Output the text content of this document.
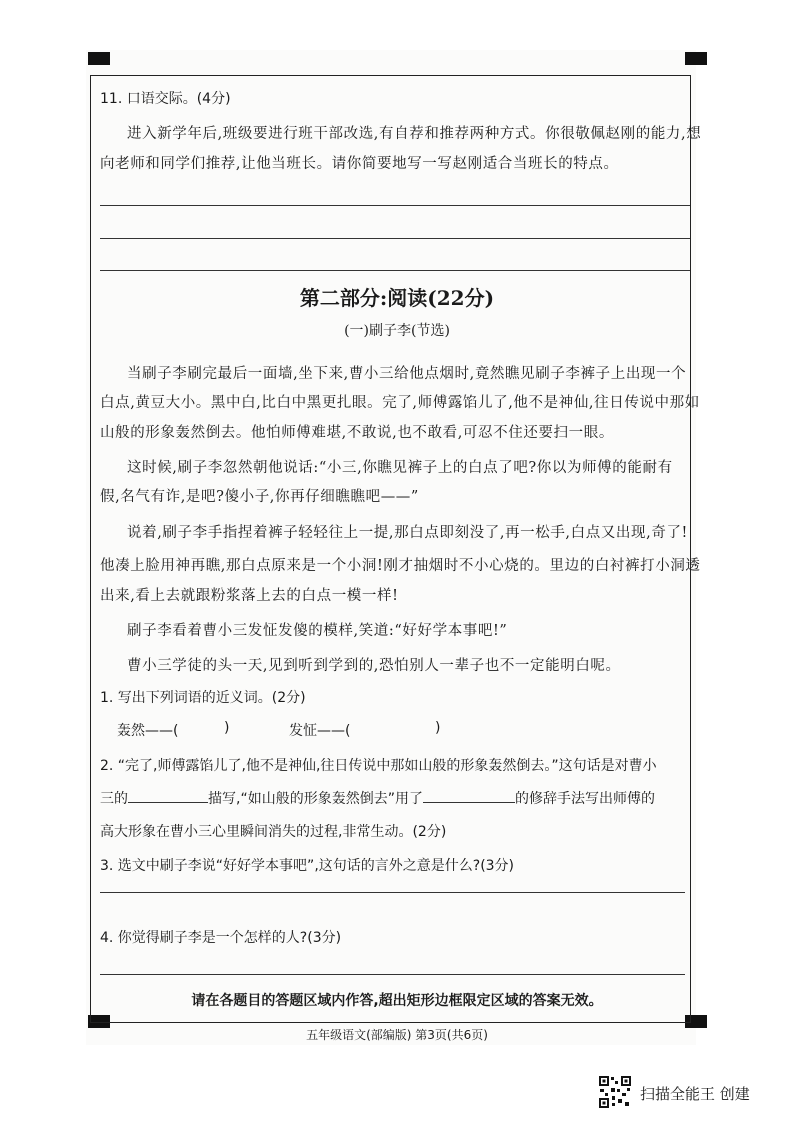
11. 口语交际。(4分)
进入新学年后,班级要进行班干部改选,有自荐和推荐两种方式。你很敬佩赵刚的能力,想
向老师和同学们推荐,让他当班长。请你简要地写一写赵刚适合当班长的特点。
第二部分:阅读(22分)
(一)刷子李(节选)
当刷子李刷完最后一面墙,坐下来,曹小三给他点烟时,竟然瞧见刷子李裤子上出现一个
白点,黄豆大小。黑中白,比白中黑更扎眼。完了,师傅露馅儿了,他不是神仙,往日传说中那如
山般的形象轰然倒去。他怕师傅难堪,不敢说,也不敢看,可忍不住还要扫一眼。
这时候,刷子李忽然朝他说话:“小三,你瞧见裤子上的白点了吧?你以为师傅的能耐有
假,名气有诈,是吧?傻小子,你再仔细瞧瞧吧——”
说着,刷子李手指捏着裤子轻轻往上一提,那白点即刻没了,再一松手,白点又出现,奇了!
他凑上脸用神再瞧,那白点原来是一个小洞!刚才抽烟时不小心烧的。里边的白衬裤打小洞透
出来,看上去就跟粉浆落上去的白点一模一样!
刷子李看着曹小三发怔发傻的模样,笑道:“好好学本事吧!”
曹小三学徒的头一天,见到听到学到的,恐怕别人一辈子也不一定能明白呢。
1. 写出下列词语的近义词。(2分)
轰然——(	)	发怔——(	)
2. “完了,师傅露馅儿了,他不是神仙,往日传说中那如山般的形象轰然倒去。”这句话是对曹小
三的	描写,“如山般的形象轰然倒去”用了	的修辞手法写出师傅的
高大形象在曹小三心里瞬间消失的过程,非常生动。(2分)
3. 选文中刷子李说“好好学本事吧”,这句话的言外之意是什么?(3分)
4. 你觉得刷子李是一个怎样的人?(3分)
请在各题目的答题区域内作答,超出矩形边框限定区域的答案无效。
五年级语文(部编版) 第3页(共6页)
扫描全能王 创建
